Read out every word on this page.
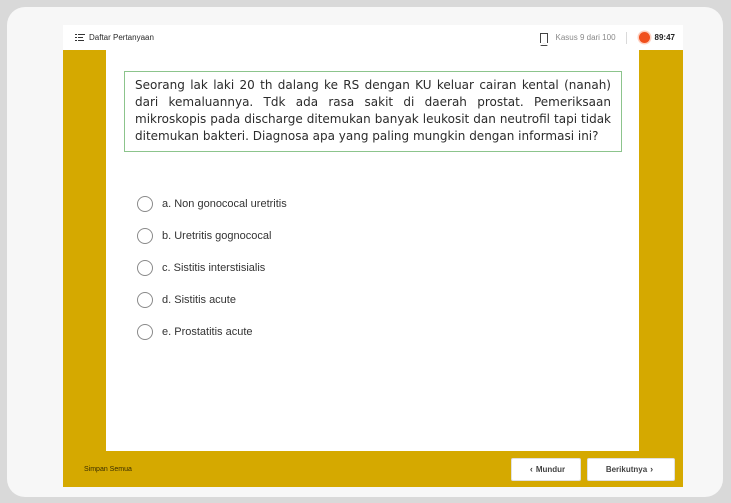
Daftar Pertanyaan	Kasus 9 dari 100	89:47
Seorang lak laki 20 th dalang ke RS dengan KU keluar cairan kental (nanah) dari kemaluannya. Tdk ada rasa sakit di daerah prostat. Pemeriksaan mikroskopis pada discharge ditemukan banyak leukosit dan neutrofil tapi tidak ditemukan bakteri. Diagnosa apa yang paling mungkin dengan informasi ini?
a. Non gonococal uretritis
b. Uretritis gognococal
c. Sistitis interstisialis
d. Sistitis acute
e. Prostatitis acute
Simpan Semua	‹ Mundur	Berikutnya ›
